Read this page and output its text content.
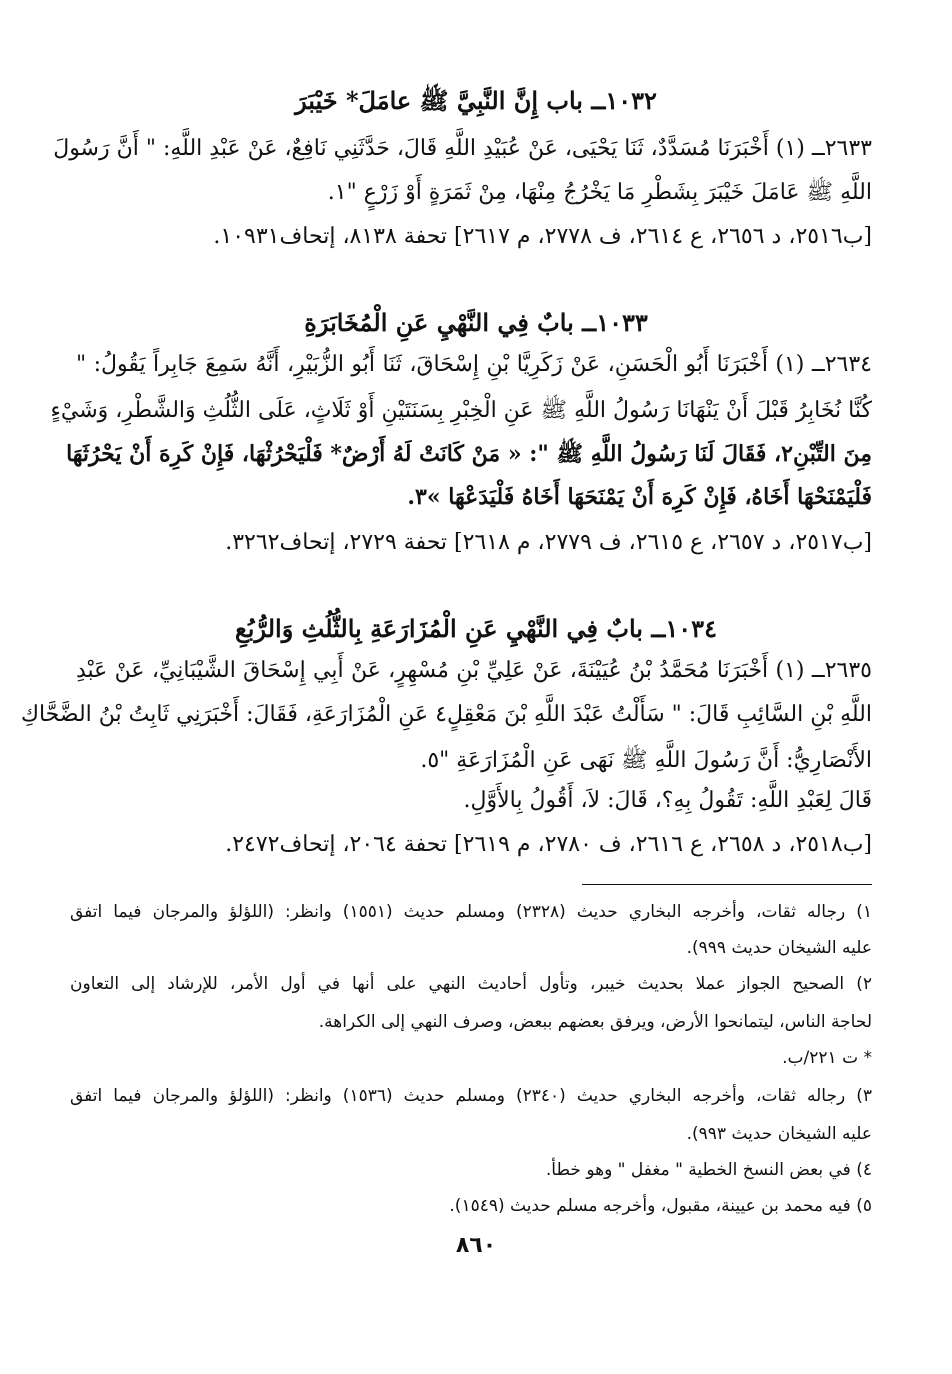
١٠٣٢ــ باب إِنَّ النَّبِيَّ ﷺ عامَلَ* خَيْبَرَ
٢٦٣٣ــ (١) أَخْبَرَنَا مُسَدَّدٌ، ثَنَا يَحْيَى، عَنْ عُبَيْدِ اللَّهِ قَالَ، حَدَّثَنِي نَافِعٌ، عَنْ عَبْدِ اللَّهِ: " أَنَّ رَسُولَ
اللَّهِ ﷺ عَامَلَ خَيْبَرَ بِشَطْرِ مَا يَخْرُجُ مِنْهَا، مِنْ ثَمَرَةٍ أَوْ زَرْعٍ "١.
[ب٢٥١٦، د ٢٦٥٦، ع ٢٦١٤، ف ٢٧٧٨، م ٢٦١٧] تحفة ٨١٣٨، إتحاف١٠٩٣١.
١٠٣٣ــ بابٌ فِي النَّهْيِ عَنِ الْمُخَابَرَةِ
٢٦٣٤ــ (١) أَخْبَرَنَا أَبُو الْحَسَنِ، عَنْ زَكَرِيَّا بْنِ إِسْحَاقَ، ثَنَا أَبُو الزُّبَيْرِ، أَنَّهُ سَمِعَ جَابِراً يَقُولُ: "
كُنَّا نُخَابِرُ قَبْلَ أَنْ يَنْهَانَا رَسُولُ اللَّهِ ﷺ عَنِ الْخِبْرِ بِسَنَتَيْنِ أَوْ ثَلَاثٍ، عَلَى الثُّلُثِ وَالشَّطْرِ، وَشَيْءٍ
مِنَ التِّبْنِ٢، فَقَالَ لَنَا رَسُولُ اللَّهِ ﷺ ": « مَنْ كَانَتْ لَهُ أَرْضٌ* فَلْيَحْرُثْهَا، فَإِنْ كَرِهَ أَنْ يَحْرُثَهَا
فَلْيَمْنَحْهَا أَخَاهُ، فَإِنْ كَرِهَ أَنْ يَمْنَحَهَا أَخَاهُ فَلْيَدَعْهَا »٣.
[ب٢٥١٧، د ٢٦٥٧، ع ٢٦١٥، ف ٢٧٧٩، م ٢٦١٨] تحفة ٢٧٢٩، إتحاف٣٢٦٢.
١٠٣٤ــ بابٌ فِي النَّهْيِ عَنِ الْمُزَارَعَةِ بِالثُّلُثِ وَالرُّبُعِ
٢٦٣٥ــ (١) أَخْبَرَنَا مُحَمَّدُ بْنُ عُيَيْنَةَ، عَنْ عَلِيِّ بْنِ مُسْهِرٍ، عَنْ أَبِي إِسْحَاقَ الشَّيْبَانِيِّ، عَنْ عَبْدِ
اللَّهِ بْنِ السَّائِبِ قَالَ: " سَأَلْتُ عَبْدَ اللَّهِ بْنَ مَعْقِلٍ٤ عَنِ الْمُزَارَعَةِ، فَقَالَ: أَخْبَرَنِي ثَابِتُ بْنُ الضَّحَّاكِ
الأَنْصَارِيُّ: أَنَّ رَسُولَ اللَّهِ ﷺ نَهَى عَنِ الْمُزَارَعَةِ "٥.
قَالَ لِعَبْدِ اللَّهِ: تَقُولُ بِهِ؟، قَالَ: لاَ، أَقُولُ بِالأَوَّلِ.
[ب٢٥١٨، د ٢٦٥٨، ع ٢٦١٦، ف ٢٧٨٠، م ٢٦١٩] تحفة ٢٠٦٤، إتحاف٢٤٧٢.
١) رجاله ثقات، وأخرجه البخاري حديث (٢٣٢٨) ومسلم حديث (١٥٥١) وانظر: (اللؤلؤ والمرجان فيما اتفق
عليه الشيخان حديث ٩٩٩).
٢) الصحيح الجواز عملا بحديث خيبر، وتأول أحاديث النهي على أنها في أول الأمر، للإرشاد إلى التعاون
لحاجة الناس، ليتمانحوا الأرض، ويرفق بعضهم ببعض، وصرف النهي إلى الكراهة.
* ت ٢٢١/ب.
٣) رجاله ثقات، وأخرجه البخاري حديث (٢٣٤٠) ومسلم حديث (١٥٣٦) وانظر: (اللؤلؤ والمرجان فيما اتفق
عليه الشيخان حديث ٩٩٣).
٤) في بعض النسخ الخطية " مغفل " وهو خطأ.
٥) فيه محمد بن عيينة، مقبول، وأخرجه مسلم حديث (١٥٤٩).
٨٦٠
